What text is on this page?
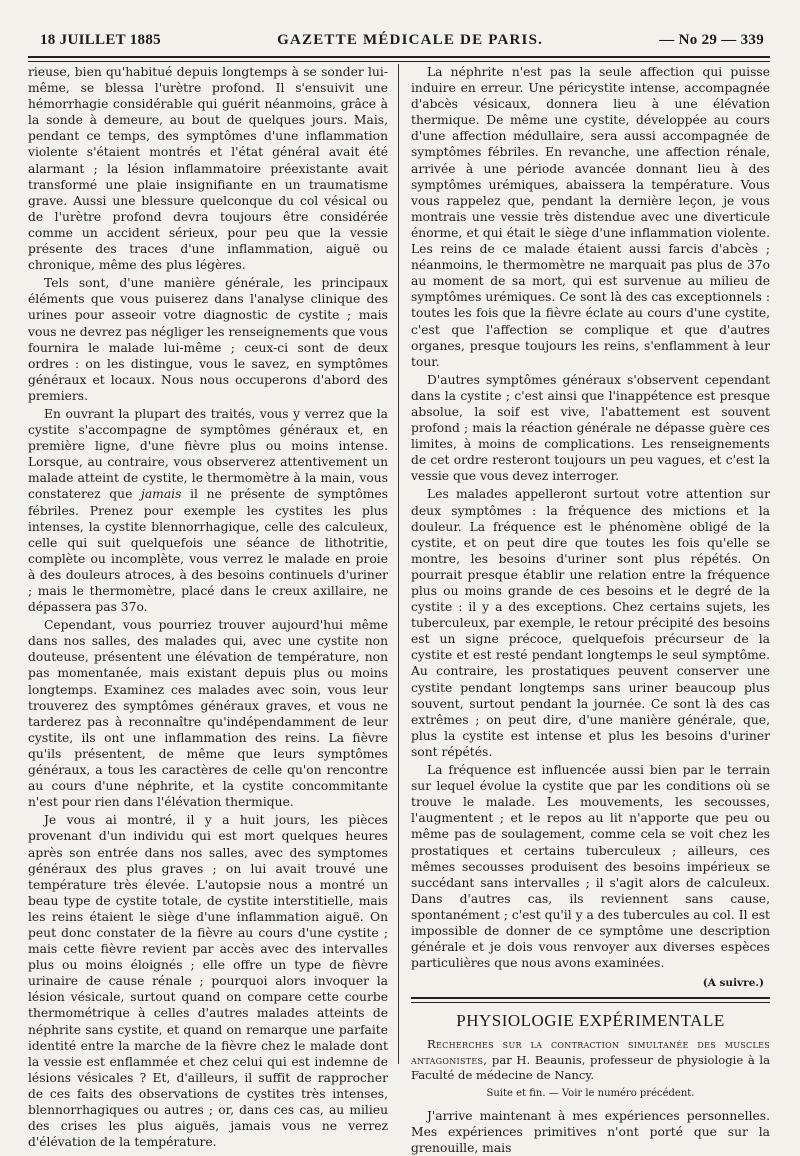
18 JUILLET 1885	GAZETTE MÉDICALE DE PARIS.	— No 29 — 339

rieuse, bien qu'habitué depuis longtemps à se sonder lui-même, se blessa l'urètre profond. Il s'ensuivit une hémorrhagie considérable qui guérit néanmoins, grâce à la sonde à demeure, au bout de quelques jours. Mais, pendant ce temps, des symptômes d'une inflammation violente s'étaient montrés et l'état général avait été alarmant ; la lésion inflammatoire préexistante avait transformé une plaie insignifiante en un traumatisme grave. Aussi une blessure quelconque du col vésical ou de l'urètre profond devra toujours être considérée comme un accident sérieux, pour peu que la vessie présente des traces d'une inflammation, aiguë ou chronique, même des plus légères.

Tels sont, d'une manière générale, les principaux éléments que vous puiserez dans l'analyse clinique des urines pour asseoir votre diagnostic de cystite ; mais vous ne devrez pas négliger les renseignements que vous fournira le malade lui-même ; ceux-ci sont de deux ordres : on les distingue, vous le savez, en symptômes généraux et locaux. Nous nous occuperons d'abord des premiers.

En ouvrant la plupart des traités, vous y verrez que la cystite s'accompagne de symptômes généraux et, en première ligne, d'une fièvre plus ou moins intense. Lorsque, au contraire, vous observerez attentivement un malade atteint de cystite, le thermomètre à la main, vous constaterez que jamais il ne présente de symptômes fébriles. Prenez pour exemple les cystites les plus intenses, la cystite blennorrhagique, celle des calculeux, celle qui suit quelquefois une séance de lithotritie, complète ou incomplète, vous verrez le malade en proie à des douleurs atroces, à des besoins continuels d'uriner ; mais le thermomètre, placé dans le creux axillaire, ne dépassera pas 37o.

Cependant, vous pourriez trouver aujourd'hui même dans nos salles, des malades qui, avec une cystite non douteuse, présentent une élévation de température, non pas momentanée, mais existant depuis plus ou moins longtemps. Examinez ces malades avec soin, vous leur trouverez des symptômes généraux graves, et vous ne tarderez pas à reconnaître qu'indépendamment de leur cystite, ils ont une inflammation des reins. La fièvre qu'ils présentent, de même que leurs symptômes généraux, a tous les caractères de celle qu'on rencontre au cours d'une néphrite, et la cystite concommitante n'est pour rien dans l'élévation thermique.

Je vous ai montré, il y a huit jours, les pièces provenant d'un individu qui est mort quelques heures après son entrée dans nos salles, avec des symptomes généraux des plus graves ; on lui avait trouvé une température très élevée. L'autopsie nous a montré un beau type de cystite totale, de cystite interstitielle, mais les reins étaient le siège d'une inflammation aiguë. On peut donc constater de la fièvre au cours d'une cystite ; mais cette fièvre revient par accès avec des intervalles plus ou moins éloignés ; elle offre un type de fièvre urinaire de cause rénale ; pourquoi alors invoquer la lésion vésicale, surtout quand on compare cette courbe thermométrique à celles d'autres malades atteints de néphrite sans cystite, et quand on remarque une parfaite identité entre la marche de la fièvre chez le malade dont la vessie est enflammée et chez celui qui est indemne de lésions vésicales ? Et, d'ailleurs, il suffit de rapprocher de ces faits des observations de cystites très intenses, blennorrhagiques ou autres ; or, dans ces cas, au milieu des crises les plus aiguës, jamais vous ne verrez d'élévation de la température.

La néphrite n'est pas la seule affection qui puisse induire en erreur. Une péricystite intense, accompagnée d'abcès vésicaux, donnera lieu à une élévation thermique. De même une cystite, développée au cours d'une affection médullaire, sera aussi accompagnée de symptômes fébriles. En revanche, une affection rénale, arrivée à une période avancée donnant lieu à des symptômes urémiques, abaissera la température. Vous vous rappelez que, pendant la dernière leçon, je vous montrais une vessie très distendue avec une diverticule énorme, et qui était le siège d'une inflammation violente. Les reins de ce malade étaient aussi farcis d'abcès ; néanmoins, le thermomètre ne marquait pas plus de 37o au moment de sa mort, qui est survenue au milieu de symptômes urémiques. Ce sont là des cas exceptionnels : toutes les fois que la fièvre éclate au cours d'une cystite, c'est que l'affection se complique et que d'autres organes, presque toujours les reins, s'enflamment à leur tour.

D'autres symptômes généraux s'observent cependant dans la cystite ; c'est ainsi que l'inappétence est presque absolue, la soif est vive, l'abattement est souvent profond ; mais la réaction générale ne dépasse guère ces limites, à moins de complications. Les renseignements de cet ordre resteront toujours un peu vagues, et c'est la vessie que vous devez interroger.

Les malades appelleront surtout votre attention sur deux symptômes : la fréquence des mictions et la douleur. La fréquence est le phénomène obligé de la cystite, et on peut dire que toutes les fois qu'elle se montre, les besoins d'uriner sont plus répétés. On pourrait presque établir une relation entre la fréquence plus ou moins grande de ces besoins et le degré de la cystite : il y a des exceptions. Chez certains sujets, les tuberculeux, par exemple, le retour précipité des besoins est un signe précoce, quelquefois précurseur de la cystite et est resté pendant longtemps le seul symptôme. Au contraire, les prostatiques peuvent conserver une cystite pendant longtemps sans uriner beaucoup plus souvent, surtout pendant la journée. Ce sont là des cas extrêmes ; on peut dire, d'une manière générale, que, plus la cystite est intense et plus les besoins d'uriner sont répétés.

La fréquence est influencée aussi bien par le terrain sur lequel évolue la cystite que par les conditions où se trouve le malade. Les mouvements, les secousses, l'augmentent ; et le repos au lit n'apporte que peu ou même pas de soulagement, comme cela se voit chez les prostatiques et certains tuberculeux ; ailleurs, ces mêmes secousses produisent des besoins impérieux se succédant sans intervalles ; il s'agit alors de calculeux. Dans d'autres cas, ils reviennent sans cause, spontanément ; c'est qu'il y a des tubercules au col. Il est impossible de donner de ce symptôme une description générale et je dois vous renvoyer aux diverses espèces particulières que nous avons examinées.

(A suivre.)
PHYSIOLOGIE EXPÉRIMENTALE

Recherches sur la contraction simultanée des muscles antagonistes, par H. Beaunis, professeur de physiologie à la Faculté de médecine de Nancy.

Suite et fin. — Voir le numéro précédent.

J'arrive maintenant à mes expériences personnelles. Mes expériences primitives n'ont porté que sur la grenouille, mais
